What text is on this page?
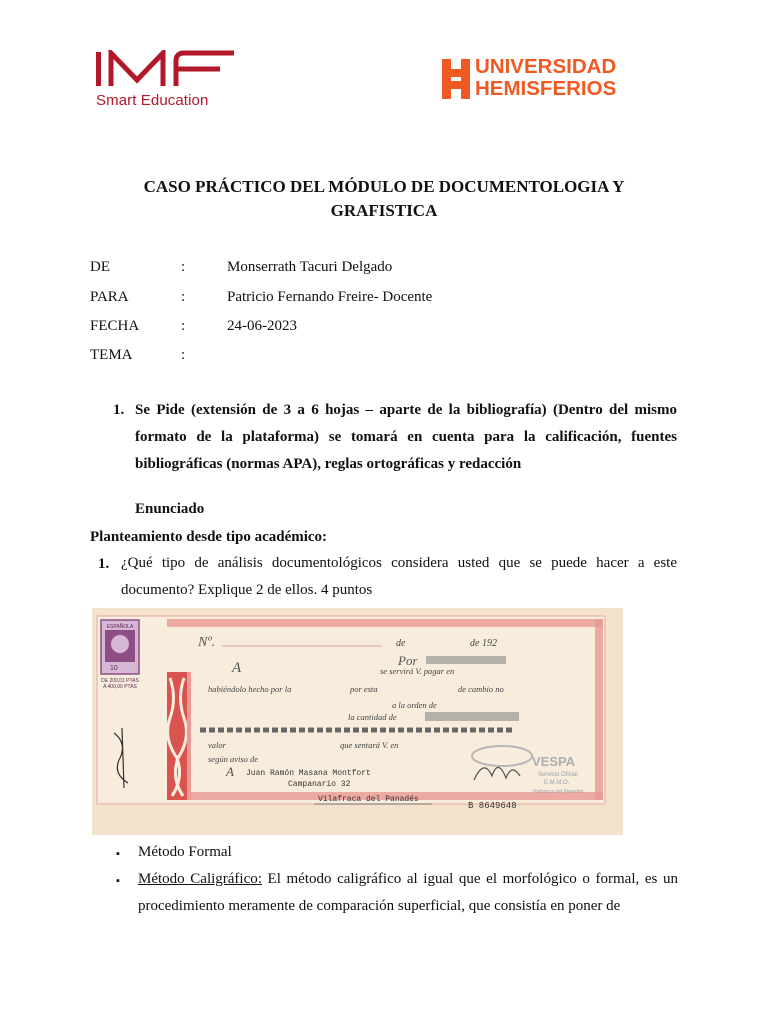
Smart Education
UNIVERSIDAD
HEMISFERIOS
CASO PRÁCTICO DEL MÓDULO DE DOCUMENTOLOGIA Y
GRAFISTICA
DE	:	Monserrath Tacuri Delgado
PARA	:	Patricio Fernando Freire- Docente
FECHA	:	24-06-2023
TEMA	:
1. Se Pide (extensión de 3 a 6 hojas – aparte de la bibliografía) (Dentro del mismo formato de la plataforma) se tomará en cuenta para la calificación, fuentes bibliográficas (normas APA), reglas ortográficas y redacción
Enunciado
Planteamiento desde tipo académico:
1. ¿Qué tipo de análisis documentológicos considera usted que se puede hacer a este documento? Explique 2 de ellos. 4 puntos
ESPAÑOLA
10
DE 200,01 PTAS
A 400,00 PTAS
Nº.	de	de 192
Por
A	se servirá V. pagar en
habiéndolo hecho por la	por esta	de cambio no
a la orden de
la cantidad de
valor	que sentará V. en
según aviso de
A Juan Ramón Masana Montfort
Campanario 32
Vilafraca del Panadés
B 8649648
VESPA
Servicio Oficial
E.M.M.O.
Vilafranca del Penedès
▪ Método Formal
▪ Método Caligráfico: El método caligráfico al igual que el morfológico o formal, es un procedimiento meramente de comparación superficial, que consistía en poner de
